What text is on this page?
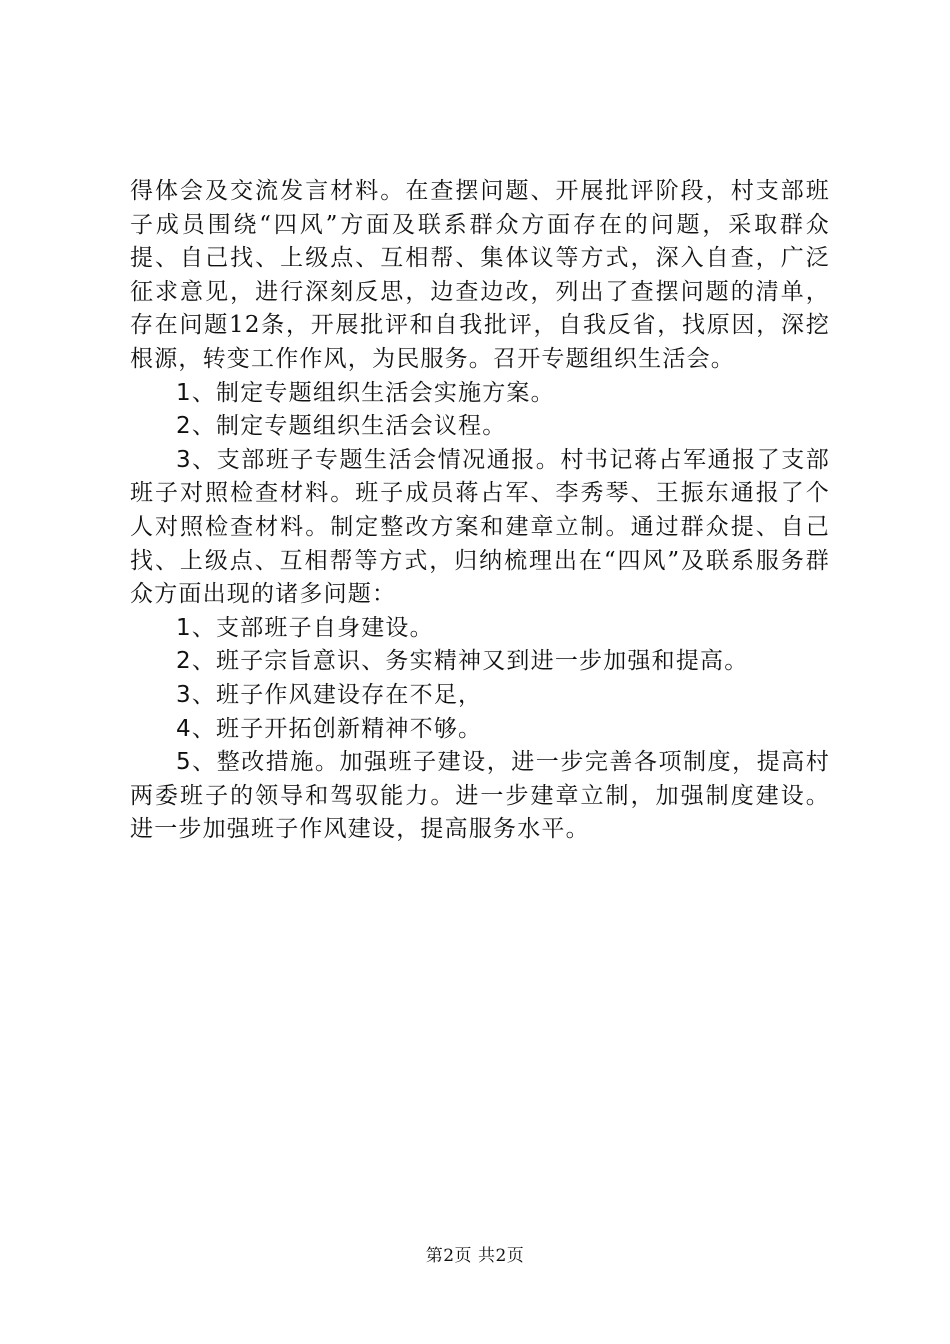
得体会及交流发言材料。在查摆问题、开展批评阶段，村支部班子成员围绕“四风”方面及联系群众方面存在的问题，采取群众提、自己找、上级点、互相帮、集体议等方式，深入自查，广泛征求意见，进行深刻反思，边查边改，列出了查摆问题的清单，存在问题12条，开展批评和自我批评，自我反省，找原因，深挖根源，转变工作作风，为民服务。召开专题组织生活会。

1、制定专题组织生活会实施方案。

2、制定专题组织生活会议程。

3、支部班子专题生活会情况通报。村书记蒋占军通报了支部班子对照检查材料。班子成员蒋占军、李秀琴、王振东通报了个人对照检查材料。制定整改方案和建章立制。通过群众提、自己找、上级点、互相帮等方式，归纳梳理出在“四风”及联系服务群众方面出现的诸多问题：

1、支部班子自身建设。

2、班子宗旨意识、务实精神又到进一步加强和提高。

3、班子作风建设存在不足，

4、班子开拓创新精神不够。

5、整改措施。加强班子建设，进一步完善各项制度，提高村两委班子的领导和驾驭能力。进一步建章立制，加强制度建设。进一步加强班子作风建设，提高服务水平。

第2页 共2页
